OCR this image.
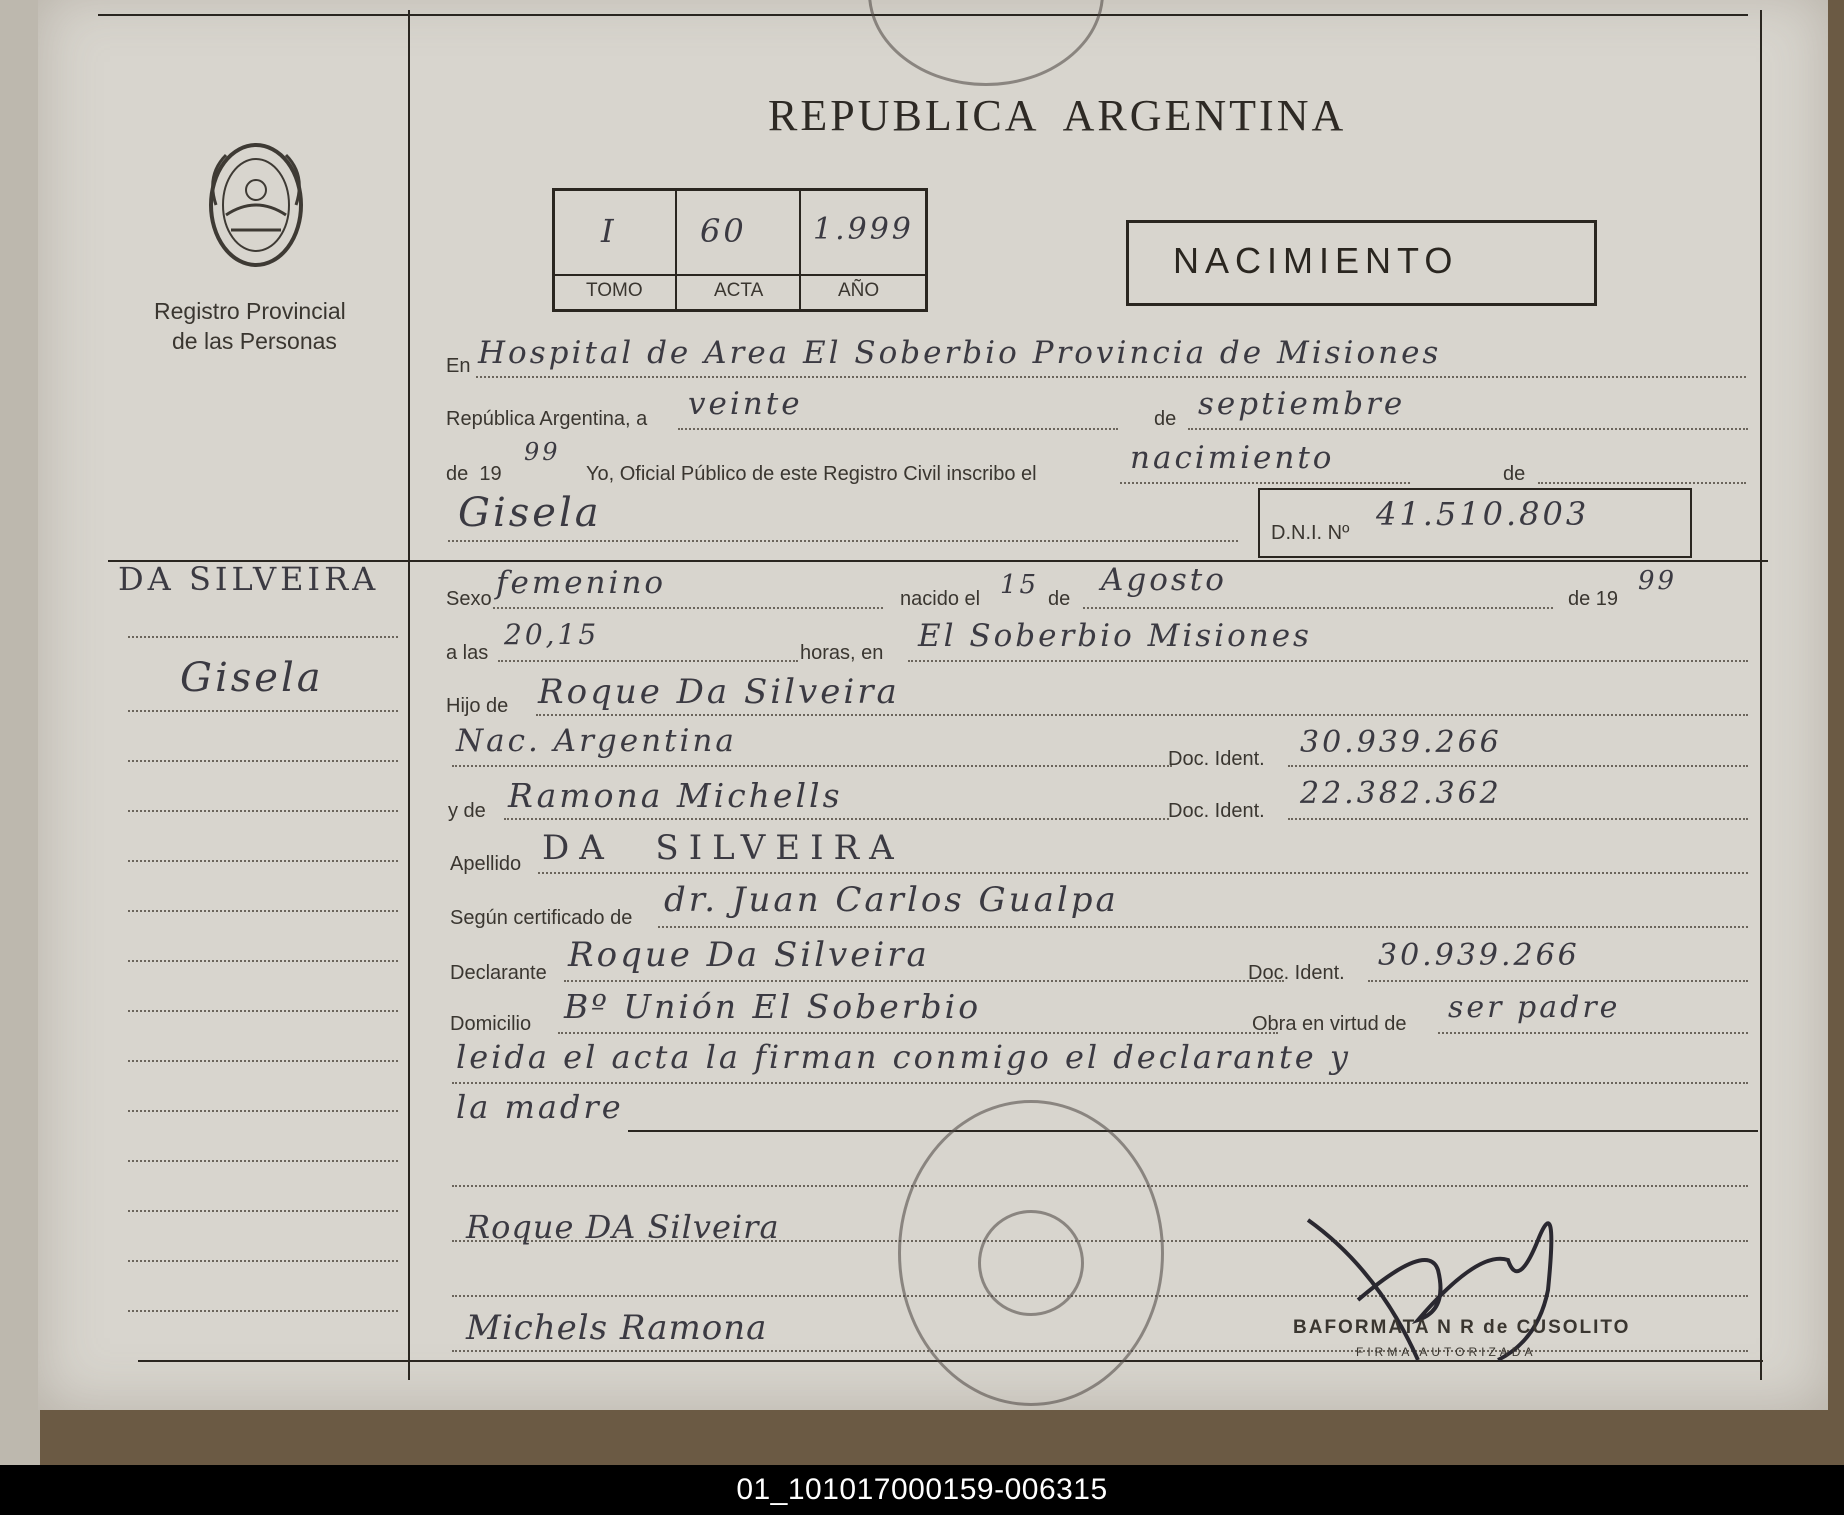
Registro Provincial
de las Personas
REPUBLICA  ARGENTINA
I	60 1.999
TOMO	ACTA	AÑO
NACIMIENTO
En Hospital de Area El Soberbio Provincia de Misiones
República Argentina, a veinte	de septiembre
de  19
99
Yo, Oficial Público de este Registro Civil inscribo el	nacimiento	de
Gisela	D.N.I. Nº 41.510.803
DA SILVEIRA
Gisela
Sexo femenino	nacido el 15 de
Agosto
de 19
99
a las
20,15
horas, en El Soberbio Misiones
Hijo de Roque Da Silveira
Nac. Argentina	Doc. Ident. 30.939.266
y de Ramona Michells	Doc. Ident. 22.382.362
Apellido DA  SILVEIRA
Según certificado de dr. Juan Carlos Gualpa
Declarante Roque Da Silveira	Doc. Ident. 30.939.266
Domicilio Bº Unión El Soberbio	Obra en virtud de ser padre
leida el acta la firman conmigo el declarante y
la madre
Roque DA Silveira
Michels Ramona	BAFORMATA N R de CUSOLITO
FIRMA AUTORIZADA
01_101017000159-006315
